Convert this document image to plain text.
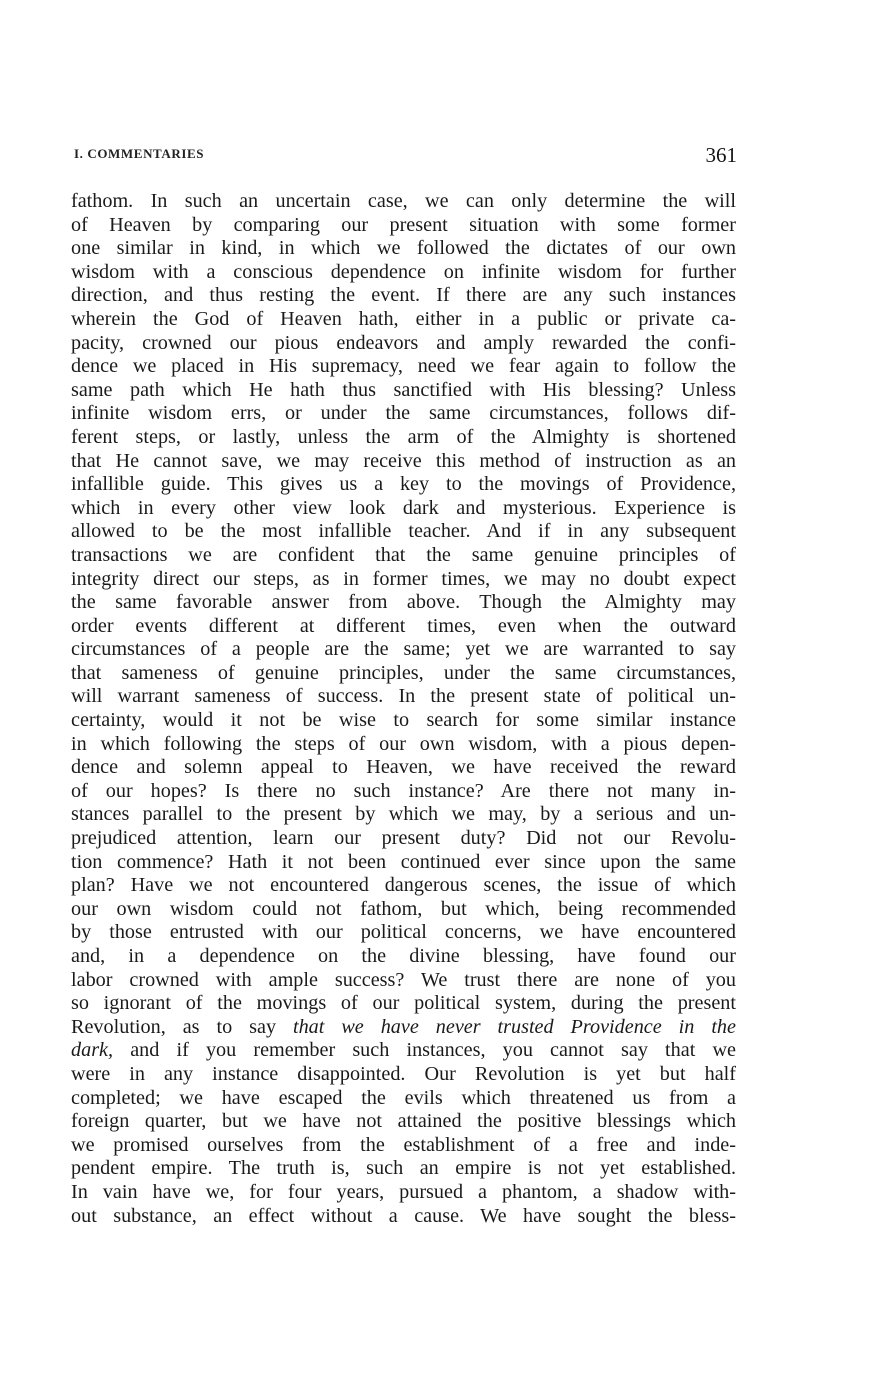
I. COMMENTARIES	361
fathom. In such an uncertain case, we can only determine the will
of Heaven by comparing our present situation with some former
one similar in kind, in which we followed the dictates of our own
wisdom with a conscious dependence on infinite wisdom for further
direction, and thus resting the event. If there are any such instances
wherein the God of Heaven hath, either in a public or private ca-
pacity, crowned our pious endeavors and amply rewarded the confi-
dence we placed in His supremacy, need we fear again to follow the
same path which He hath thus sanctified with His blessing? Unless
infinite wisdom errs, or under the same circumstances, follows dif-
ferent steps, or lastly, unless the arm of the Almighty is shortened
that He cannot save, we may receive this method of instruction as an
infallible guide. This gives us a key to the movings of Providence,
which in every other view look dark and mysterious. Experience is
allowed to be the most infallible teacher. And if in any subsequent
transactions we are confident that the same genuine principles of
integrity direct our steps, as in former times, we may no doubt expect
the same favorable answer from above. Though the Almighty may
order events different at different times, even when the outward
circumstances of a people are the same; yet we are warranted to say
that sameness of genuine principles, under the same circumstances,
will warrant sameness of success. In the present state of political un-
certainty, would it not be wise to search for some similar instance
in which following the steps of our own wisdom, with a pious depen-
dence and solemn appeal to Heaven, we have received the reward
of our hopes? Is there no such instance? Are there not many in-
stances parallel to the present by which we may, by a serious and un-
prejudiced attention, learn our present duty? Did not our Revolu-
tion commence? Hath it not been continued ever since upon the same
plan? Have we not encountered dangerous scenes, the issue of which
our own wisdom could not fathom, but which, being recommended
by those entrusted with our political concerns, we have encountered
and, in a dependence on the divine blessing, have found our
labor crowned with ample success? We trust there are none of you
so ignorant of the movings of our political system, during the present
Revolution, as to say that we have never trusted Providence in the
dark, and if you remember such instances, you cannot say that we
were in any instance disappointed. Our Revolution is yet but half
completed; we have escaped the evils which threatened us from a
foreign quarter, but we have not attained the positive blessings which
we promised ourselves from the establishment of a free and inde-
pendent empire. The truth is, such an empire is not yet established.
In vain have we, for four years, pursued a phantom, a shadow with-
out substance, an effect without a cause. We have sought the bless-
